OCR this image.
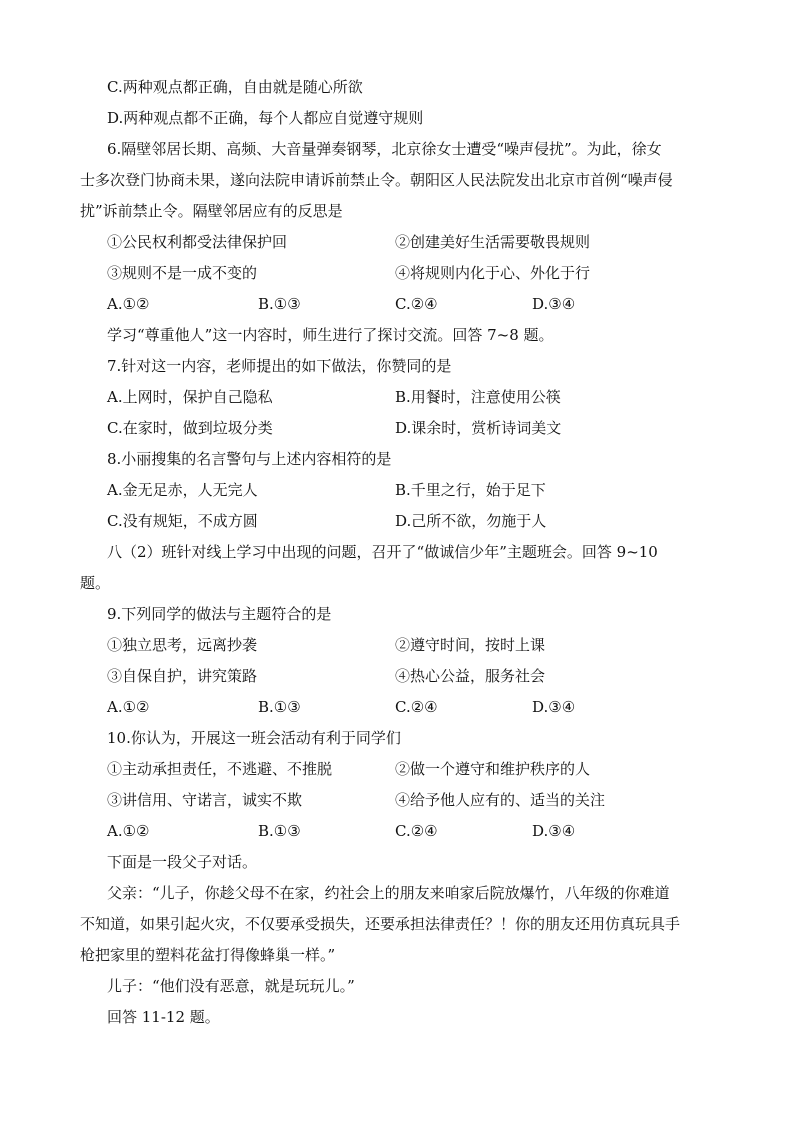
C.两种观点都正确，自由就是随心所欲
D.两种观点都不正确，每个人都应自觉遵守规则
6.隔壁邻居长期、高频、大音量弹奏钢琴，北京徐女士遭受“噪声侵扰”。为此，徐女
士多次登门协商未果，遂向法院申请诉前禁止令。朝阳区人民法院发出北京市首例“噪声侵
扰”诉前禁止令。隔壁邻居应有的反思是
①公民权利都受法律保护回	②创建美好生活需要敬畏规则
③规则不是一成不变的	④将规则内化于心、外化于行
A.①②	B.①③	C.②④	D.③④
学习“尊重他人”这一内容时，师生进行了探讨交流。回答 7~8 题。
7.针对这一内容，老师提出的如下做法，你赞同的是
A.上网时，保护自己隐私	B.用餐时，注意使用公筷
C.在家时，做到垃圾分类	D.课余时，赏析诗词美文
8.小丽搜集的名言警句与上述内容相符的是
A.金无足赤，人无完人	B.千里之行，始于足下
C.没有规矩，不成方圆	D.己所不欲，勿施于人
八（2）班针对线上学习中出现的问题，召开了“做诚信少年”主题班会。回答 9~10
题。
9.下列同学的做法与主题符合的是
①独立思考，远离抄袭	②遵守时间，按时上课
③自保自护，讲究策路	④热心公益，服务社会
A.①②	B.①③	C.②④	D.③④
10.你认为，开展这一班会活动有利于同学们
①主动承担责任，不逃避、不推脱	②做一个遵守和维护秩序的人
③讲信用、守诺言，诚实不欺	④给予他人应有的、适当的关注
A.①②	B.①③	C.②④	D.③④
下面是一段父子对话。
父亲：“儿子，你趁父母不在家，约社会上的朋友来咱家后院放爆竹，八年级的你难道
不知道，如果引起火灾，不仅要承受损失，还要承担法律责任？！你的朋友还用仿真玩具手
枪把家里的塑料花盆打得像蜂巢一样。”
儿子：“他们没有恶意，就是玩玩儿。”
回答 11-12 题。
